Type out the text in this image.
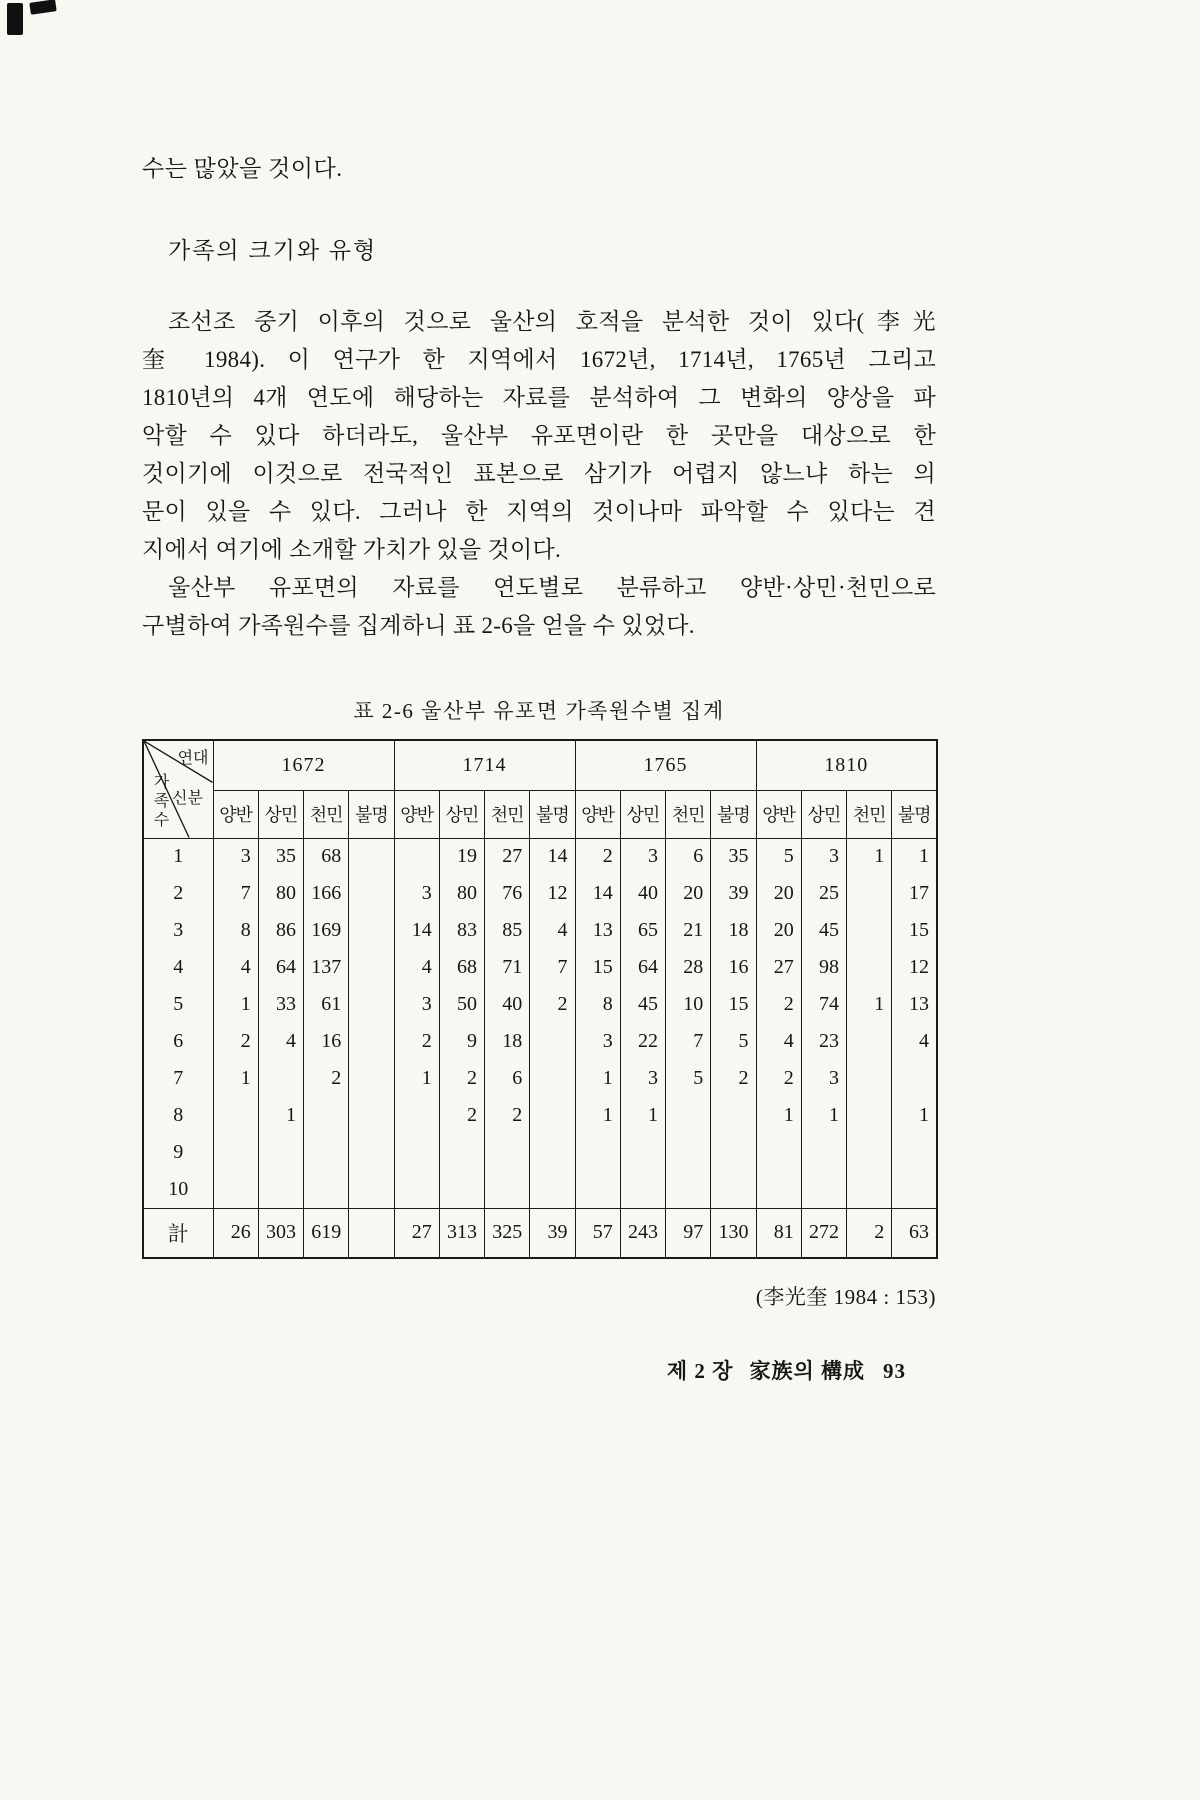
수는 많았을 것이다.
가족의 크기와 유형
조선조 중기 이후의 것으로 울산의 호적을 분석한 것이 있다(李光
奎 1984). 이 연구가 한 지역에서 1672년, 1714년, 1765년 그리고
1810년의 4개 연도에 해당하는 자료를 분석하여 그 변화의 양상을 파
악할 수 있다 하더라도, 울산부 유포면이란 한 곳만을 대상으로 한
것이기에 이것으로 전국적인 표본으로 삼기가 어렵지 않느냐 하는 의
문이 있을 수 있다. 그러나 한 지역의 것이나마 파악할 수 있다는 견
지에서 여기에 소개할 가치가 있을 것이다.
울산부 유포면의 자료를 연도별로 분류하고 양반·상민·천민으로
구별하여 가족원수를 집계하니 표 2-6을 얻을 수 있었다.
표 2-6 울산부 유포면 가족원수별 집계
연대
신분
가족수	1672				1714				1765				1810			
	양반	상민	천민	불명	양반	상민	천민	불명	양반	상민	천민	불명	양반	상민	천민	불명
1	3	35	68			19	27	14	2	3	6	35	5	3	1	1
2	7	80	166		3	80	76	12	14	40	20	39	20	25		17
3	8	86	169		14	83	85	4	13	65	21	18	20	45		15
4	4	64	137		4	68	71	7	15	64	28	16	27	98		12
5	1	33	61		3	50	40	2	8	45	10	15	2	74	1	13
6	2	4	16		2	9	18		3	22	7	5	4	23		4
7	1		2		1	2	6		1	3	5	2	2	3		
8		1				2	2		1	1			1	1		1
9																
10																
計	26	303	619		27	313	325	39	57	243	97	130	81	272	2	63
(李光奎 1984 : 153)
제 2 장 家族의 構成 93
